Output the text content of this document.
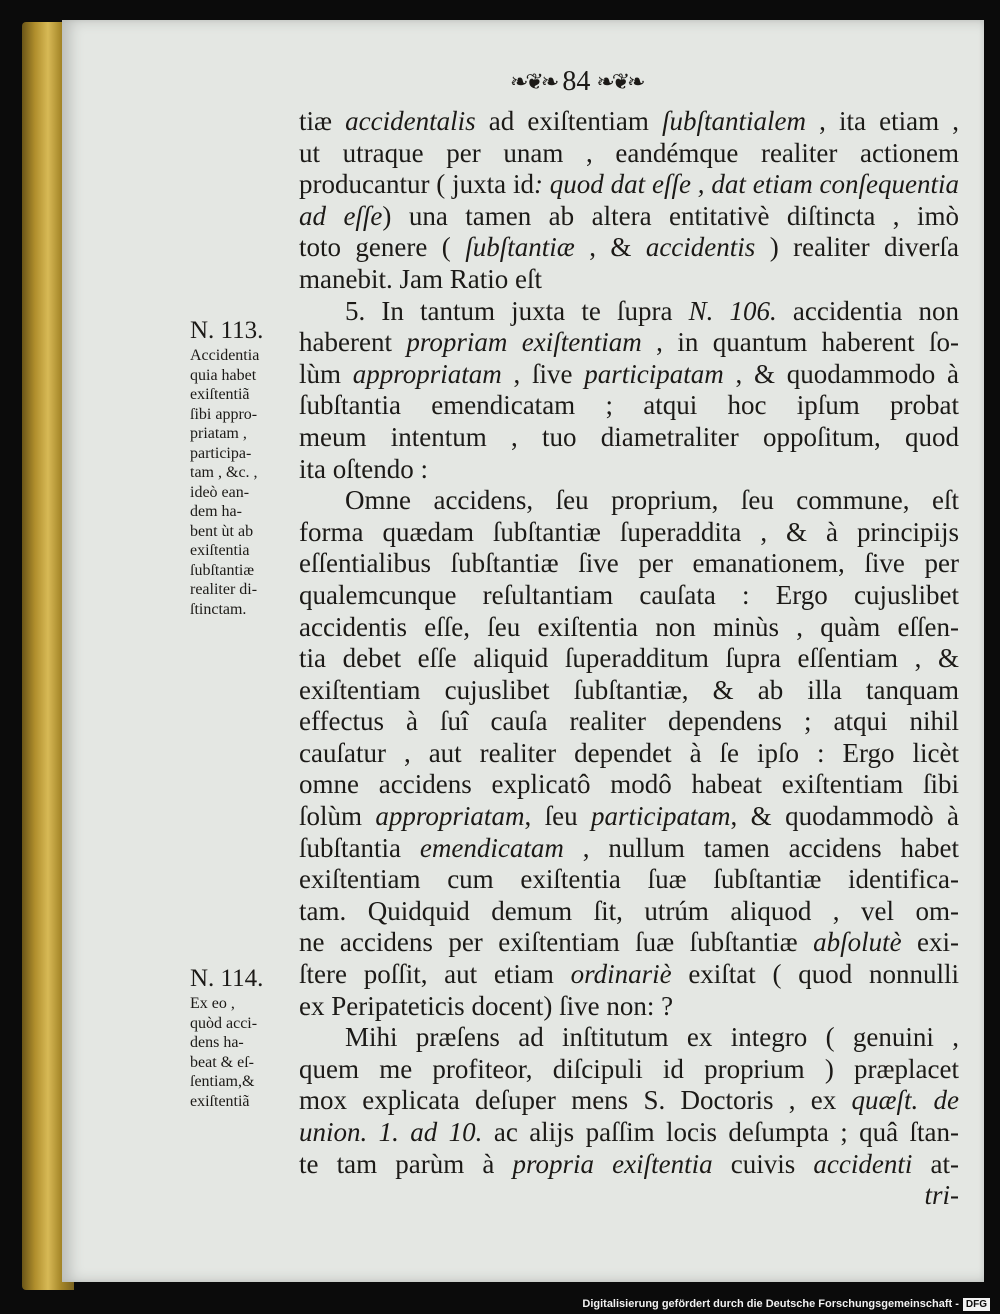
❧❦❧ 84 ❧❦❧
tiæ accidentalis ad exiſtentiam ſubſtantialem , ita etiam ,
ut utraque per unam , eandémque realiter actionem
producantur ( juxta id: quod dat eſſe , dat etiam conſequentia
ad eſſe) una tamen ab altera entitativè diſtincta , imò
toto genere ( ſubſtantiæ , & accidentis ) realiter diverſa
manebit. Jam Ratio eſt
5. In tantum juxta te ſupra N. 106. accidentia non
haberent propriam exiſtentiam , in quantum haberent ſo-
lùm appropriatam , ſive participatam , & quodammodo à
ſubſtantia emendicatam ; atqui hoc ipſum probat
meum intentum , tuo diametraliter oppoſitum, quod
ita oſtendo :
Omne accidens, ſeu proprium, ſeu commune, eſt
forma quædam ſubſtantiæ ſuperaddita , & à principijs
eſſentialibus ſubſtantiæ ſive per emanationem, ſive per
qualemcunque reſultantiam cauſata : Ergo cujuslibet
accidentis eſſe, ſeu exiſtentia non minùs , quàm eſſen-
tia debet eſſe aliquid ſuperadditum ſupra eſſentiam , &
exiſtentiam cujuslibet ſubſtantiæ, & ab illa tanquam
effectus à ſuî cauſa realiter dependens ; atqui nihil
cauſatur , aut realiter dependet à ſe ipſo : Ergo licèt
omne accidens explicatô modô habeat exiſtentiam ſibi
ſolùm appropriatam, ſeu participatam, & quodammodò à
ſubſtantia emendicatam , nullum tamen accidens habet
exiſtentiam cum exiſtentia ſuæ ſubſtantiæ identifica-
tam. Quidquid demum ſit, utrúm aliquod , vel om-
ne accidens per exiſtentiam ſuæ ſubſtantiæ abſolutè exi-
ſtere poſſit, aut etiam ordinariè exiſtat ( quod nonnulli
ex Peripateticis docent) ſive non: ?
Mihi præſens ad inſtitutum ex integro ( genuini ,
quem me profiteor, diſcipuli id proprium ) præplacet
mox explicata deſuper mens S. Doctoris , ex quæſt. de
union. 1. ad 10. ac alijs paſſim locis deſumpta ; quâ ſtan-
te tam parùm à propria exiſtentia cuivis accidenti at-
tri-
N. 113.
Accidentia
quia habet
exiſtentiã
ſibi appro-
priatam ,
participa-
tam , &c. ,
ideò ean-
dem ha-
bent ùt ab
exiſtentia
ſubſtantiæ
realiter di-
ſtinctam.
N. 114.
Ex eo ,
quòd acci-
dens ha-
beat & eſ-
ſentiam,&
exiſtentiã
Digitalisierung gefördert durch die Deutsche Forschungsgemeinschaft - DFG
